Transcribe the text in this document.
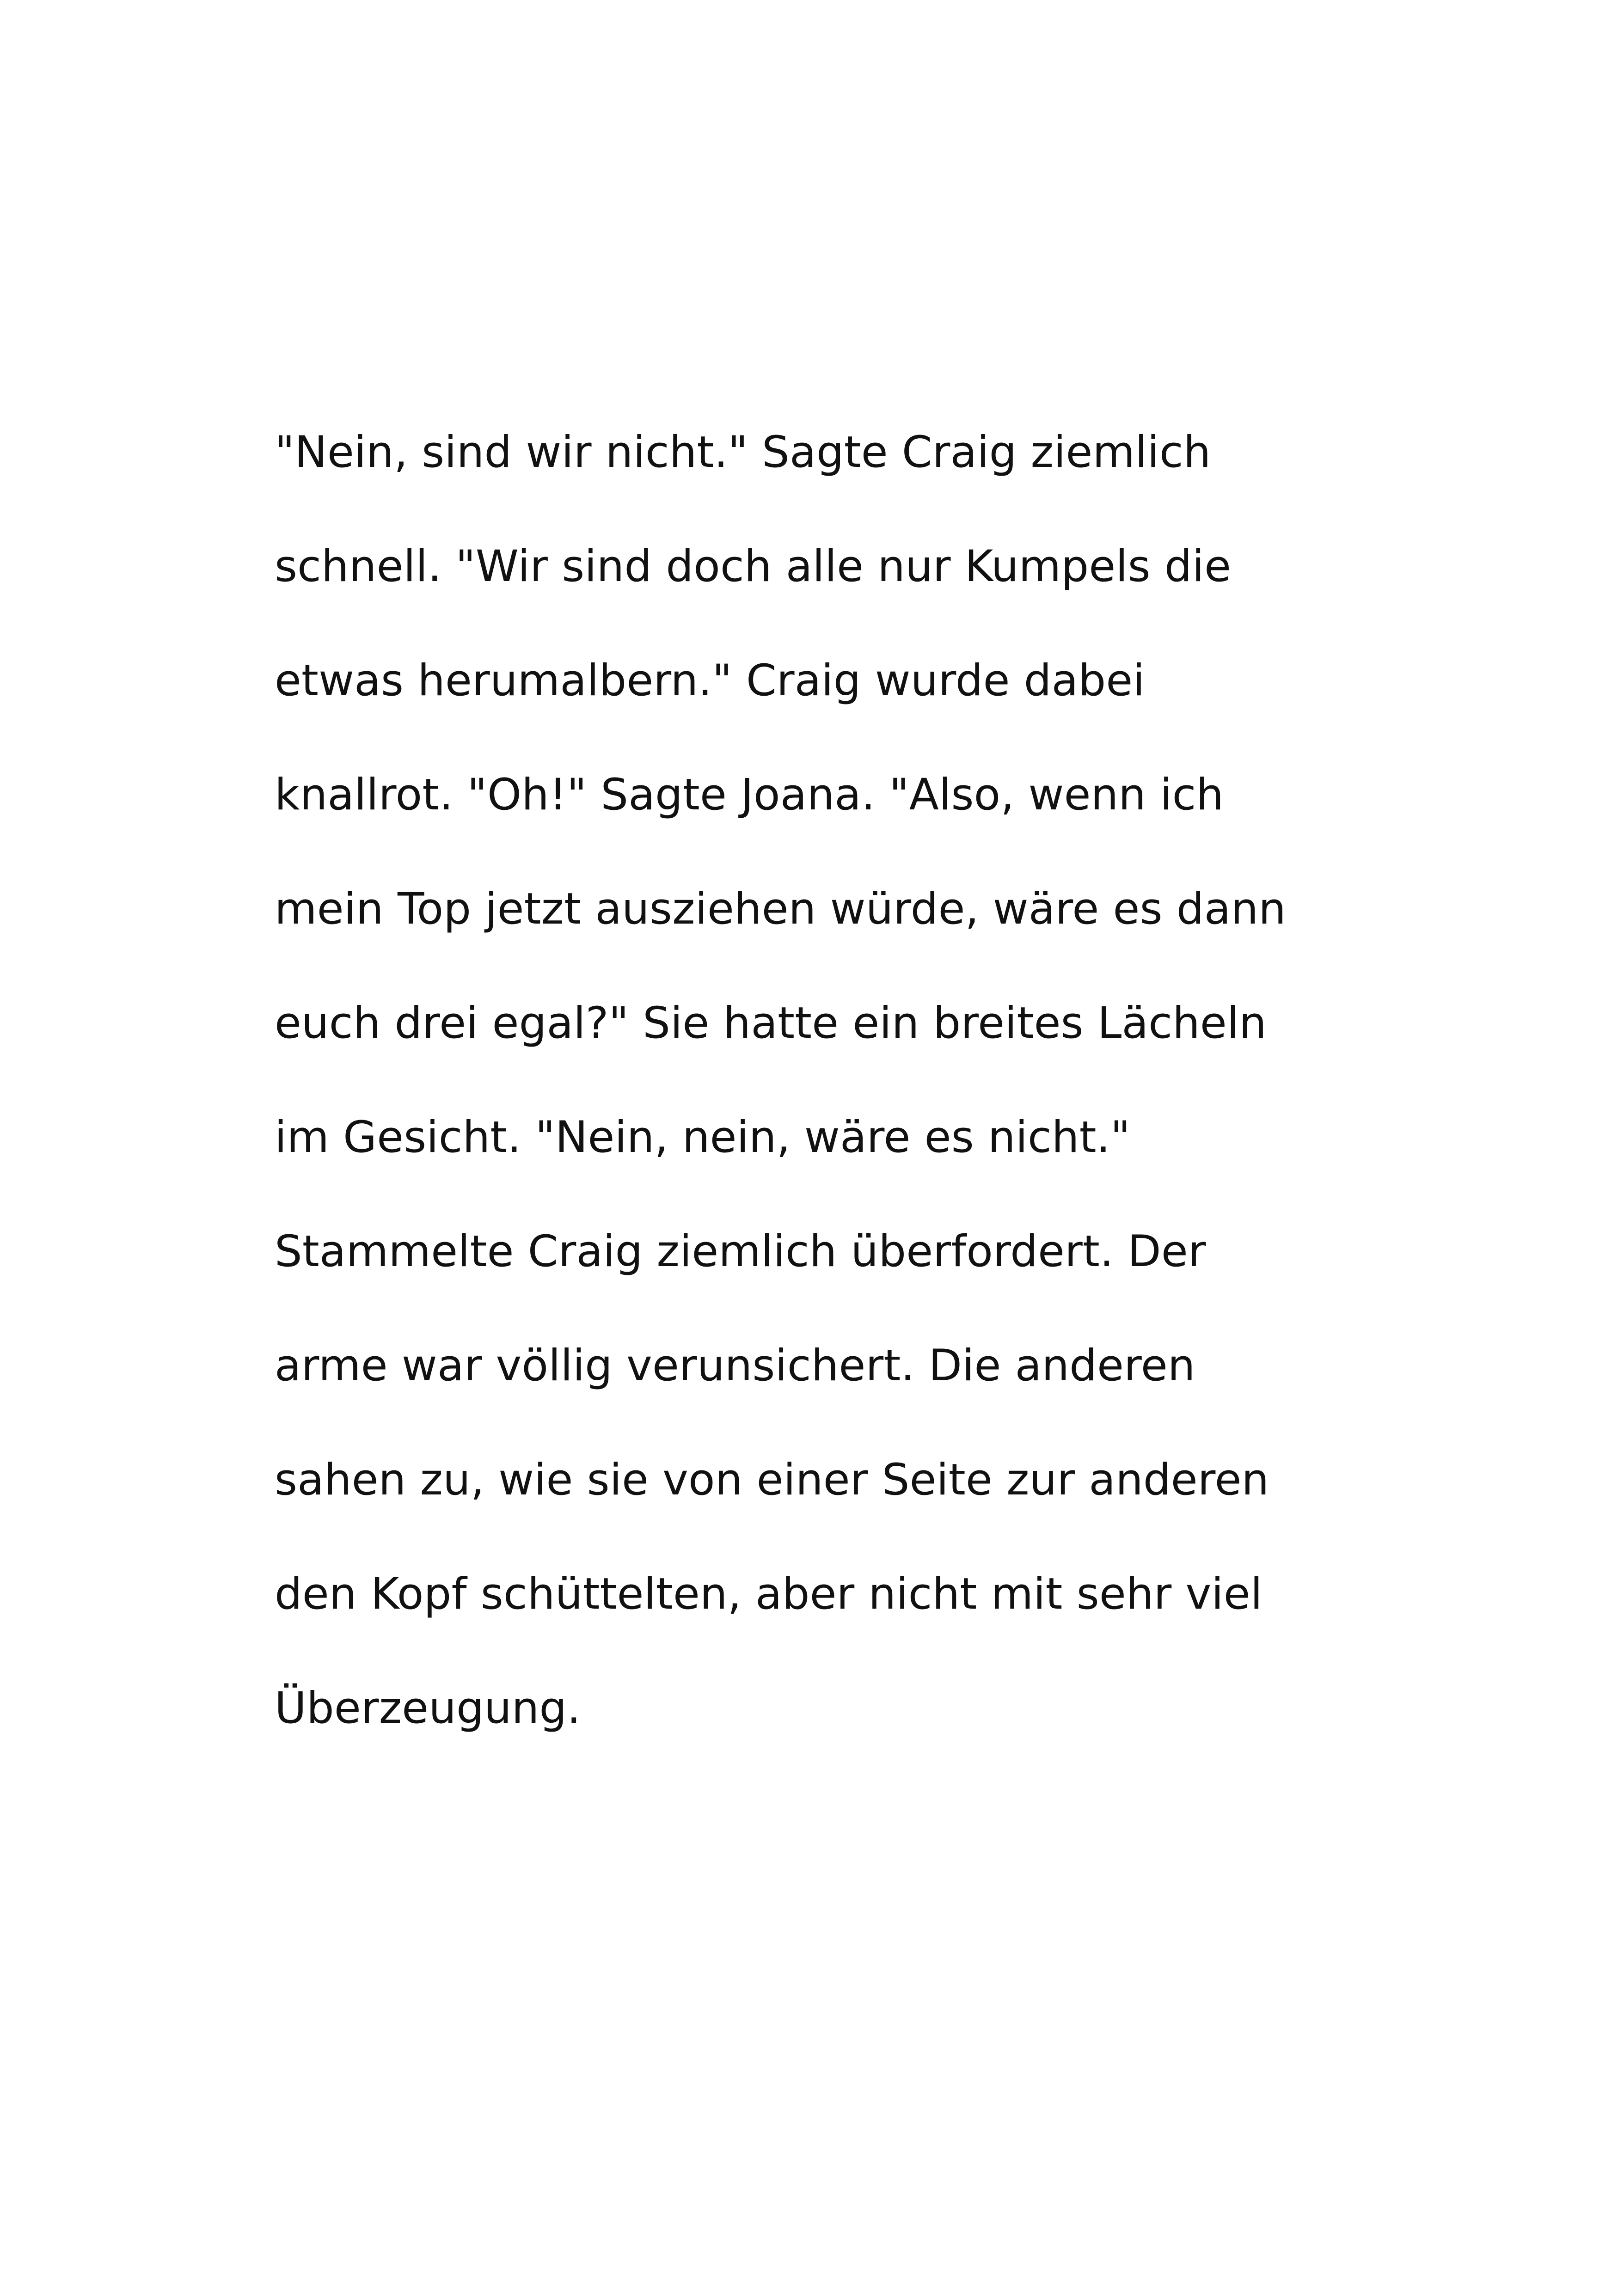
"Nein, sind wir nicht." Sagte Craig ziemlich
schnell. "Wir sind doch alle nur Kumpels die
etwas herumalbern." Craig wurde dabei
knallrot. "Oh!" Sagte Joana. "Also, wenn ich
mein Top jetzt ausziehen würde, wäre es dann
euch drei egal?" Sie hatte ein breites Lächeln
im Gesicht. "Nein, nein, wäre es nicht."
Stammelte Craig ziemlich überfordert. Der
arme war völlig verunsichert. Die anderen
sahen zu, wie sie von einer Seite zur anderen
den Kopf schüttelten, aber nicht mit sehr viel
Überzeugung.
